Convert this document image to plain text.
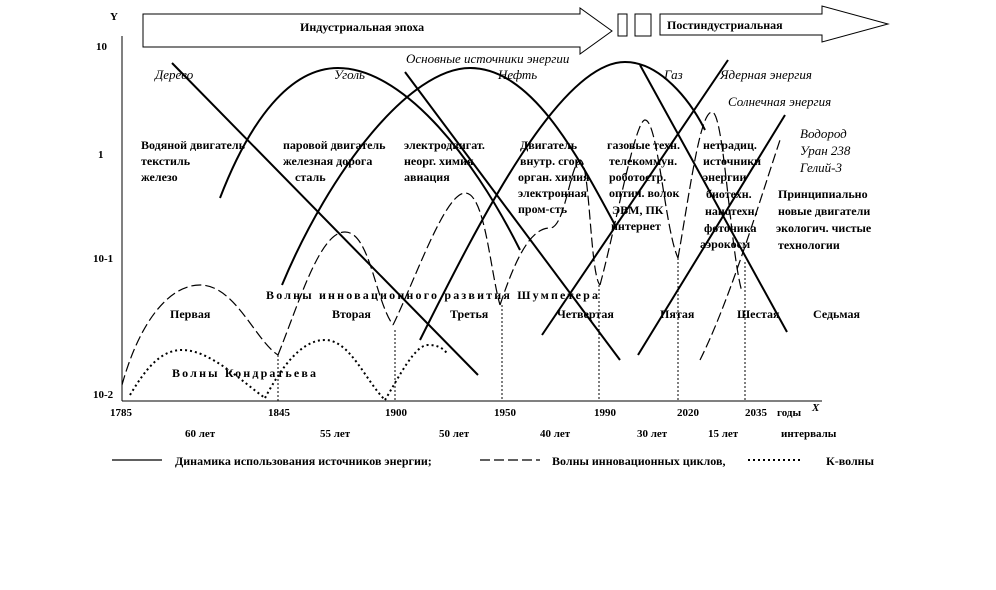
Индустриальная эпоха	Постиндустриальная
Y
10
1
10-1
10-2
X
Основные источники энергии
Дерево	Уголь	Нефть	Газ	Ядерная энергия
Солнечная энергия
Водород
Уран 238
Гелий-3
Водяной двигатель
текстиль
железо
паровой двигатель
железная дорога
сталь
электродвигат.
неорг. химия
авиация
Двигатель
внутр. сгор.
орган. химия
электронная
пром-сть
газовые техн.
телекоммун.
роботостр.
оптич. волок
ЭВМ, ПК
интернет
нетрадиц.
источники
энергии
биотехн.
нанотехн.
фотоника
аэрокосм
Принципиально
новые двигатели
экологич. чистые
технологии
Волны инновационного развития Шумпетера
Первая	Вторая	Третья	Четвертая	Пятая	Шестая	Седьмая
Волны Кондратьева
1785	1845	1900	1950	1990	2020	2035 годы
60 лет	55 лет	50 лет	40 лет	30 лет	15 лет	интервалы
Динамика использования источников энергии;	Волны инновационных циклов,	К-волны
